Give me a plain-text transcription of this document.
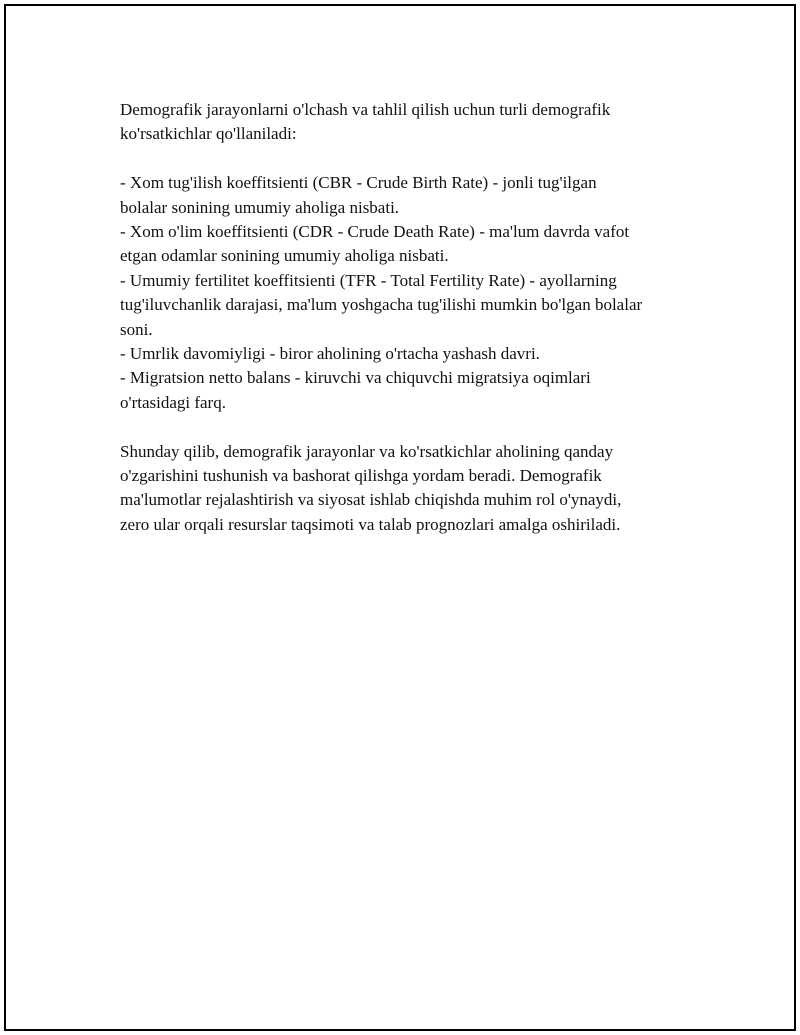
Demografik jarayonlarni o'lchash va tahlil qilish uchun turli demografik

ko'rsatkichlar qo'llaniladi:

- Xom tug'ilish koeffitsienti (CBR - Crude Birth Rate) - jonli tug'ilgan

bolalar sonining umumiy aholiga nisbati.

- Xom o'lim koeffitsienti (CDR - Crude Death Rate) - ma'lum davrda vafot

etgan odamlar sonining umumiy aholiga nisbati.

- Umumiy fertilitet koeffitsienti (TFR - Total Fertility Rate) - ayollarning

tug'iluvchanlik darajasi, ma'lum yoshgacha tug'ilishi mumkin bo'lgan bolalar

soni.

- Umrlik davomiyligi - biror aholining o'rtacha yashash davri.

- Migratsion netto balans - kiruvchi va chiquvchi migratsiya oqimlari

o'rtasidagi farq.

Shunday qilib, demografik jarayonlar va ko'rsatkichlar aholining qanday

o'zgarishini tushunish va bashorat qilishga yordam beradi. Demografik

ma'lumotlar rejalashtirish va siyosat ishlab chiqishda muhim rol o'ynaydi,

zero ular orqali resurslar taqsimoti va talab prognozlari amalga oshiriladi.
